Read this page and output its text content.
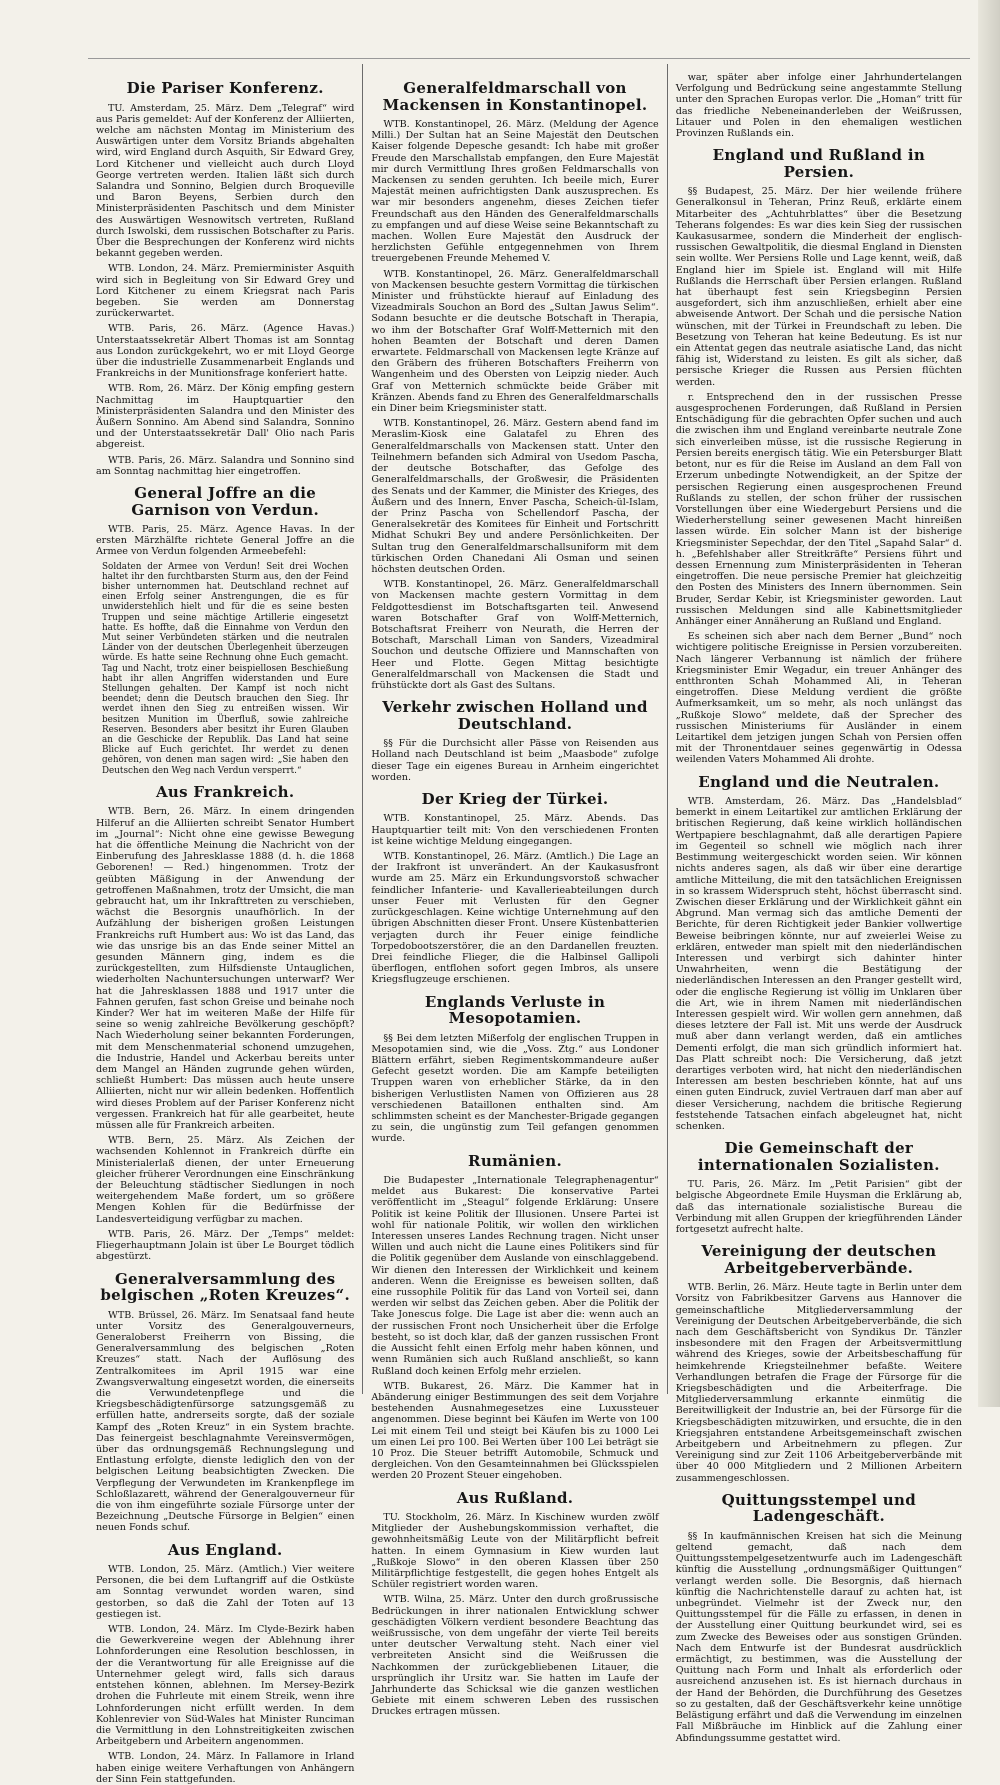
Die Pariser Konferenz.

TU. Amsterdam, 25. März. Dem „Telegraf“ wird aus Paris gemeldet: Auf der Konferenz der Alliierten, welche am nächsten Montag im Ministerium des Auswärtigen unter dem Vorsitz Briands abgehalten wird, wird England durch Asquith, Sir Edward Grey, Lord Kitchener und vielleicht auch durch Lloyd George vertreten werden. Italien läßt sich durch Salandra und Sonnino, Belgien durch Broqueville und Baron Beyens, Serbien durch den Ministerpräsidenten Paschitsch und dem Minister des Auswärtigen Wesnowitsch vertreten, Rußland durch Iswolski, dem russischen Botschafter zu Paris. Über die Besprechungen der Konferenz wird nichts bekannt gegeben werden.

WTB. London, 24. März. Premierminister Asquith wird sich in Begleitung von Sir Edward Grey und Lord Kitchener zu einem Kriegsrat nach Paris begeben. Sie werden am Donnerstag zurückerwartet.

WTB. Paris, 26. März. (Agence Havas.) Unterstaatssekretär Albert Thomas ist am Sonntag aus London zurückgekehrt, wo er mit Lloyd George über die industrielle Zusammenarbeit Englands und Frankreichs in der Munitionsfrage konferiert hatte.

WTB. Rom, 26. März. Der König empfing gestern Nachmittag im Hauptquartier den Ministerpräsidenten Salandra und den Minister des Äußern Sonnino. Am Abend sind Salandra, Sonnino und der Unterstaatssekretär Dall' Olio nach Paris abgereist.

WTB. Paris, 26. März. Salandra und Sonnino sind am Sonntag nachmittag hier eingetroffen.

General Joffre an die Garnison von Verdun.

WTB. Paris, 25. März. Agence Havas. In der ersten Märzhälfte richtete General Joffre an die Armee von Verdun folgenden Armeebefehl:

Soldaten der Armee von Verdun! Seit drei Wochen haltet ihr den furchtbarsten Sturm aus, den der Feind bisher unternommen hat. Deutschland rechnet auf einen Erfolg seiner Anstrengungen, die es für unwiderstehlich hielt und für die es seine besten Truppen und seine mächtige Artillerie eingesetzt hatte. Es hoffte, daß die Einnahme von Verdun den Mut seiner Verbündeten stärken und die neutralen Länder von der deutschen Überlegenheit überzeugen würde. Es hatte seine Rechnung ohne Euch gemacht. Tag und Nacht, trotz einer beispiellosen Beschießung habt ihr allen Angriffen widerstanden und Eure Stellungen gehalten. Der Kampf ist noch nicht beendet; denn die Deutsch brauchen den Sieg. Ihr werdet ihnen den Sieg zu entreißen wissen. Wir besitzen Munition im Überfluß, sowie zahlreiche Reserven. Besonders aber besitzt ihr Euren Glauben an die Geschicke der Republik. Das Land hat seine Blicke auf Euch gerichtet. Ihr werdet zu denen gehören, von denen man sagen wird: „Sie haben den Deutschen den Weg nach Verdun versperrt.“

Aus Frankreich.

WTB. Bern, 26. März. In einem dringenden Hilferuf an die Alliierten schreibt Senator Humbert im „Journal“: Nicht ohne eine gewisse Bewegung hat die öffentliche Meinung die Nachricht von der Einberufung des Jahresklasse 1888 (d. h. die 1868 Geborenen! — Red.) hingenommen. Trotz der geübten Mäßigung in der Anwendung der getroffenen Maßnahmen, trotz der Umsicht, die man gebraucht hat, um ihr Inkrafttreten zu verschieben, wächst die Besorgnis unaufhörlich. In der Aufzählung der bisherigen großen Leistungen Frankreichs ruft Humbert aus: Wo ist das Land, das wie das unsrige bis an das Ende seiner Mittel an gesunden Männern ging, indem es die zurückgestellten, zum Hilfsdienste Untauglichen, wiederholten Nachuntersuchungen unterwarf? Wer hat die Jahresklassen 1888 und 1917 unter die Fahnen gerufen, fast schon Greise und beinahe noch Kinder? Wer hat im weiteren Maße der Hilfe für seine so wenig zahlreiche Bevölkerung geschöpft? Nach Wiederholung seiner bekannten Forderungen, mit dem Menschenmaterial schonend umzugehen, die Industrie, Handel und Ackerbau bereits unter dem Mangel an Händen zugrunde gehen würden, schließt Humbert: Das müssen auch heute unsere Alliierten, nicht nur wir allein bedenken. Hoffentlich wird dieses Problem auf der Pariser Konferenz nicht vergessen. Frankreich hat für alle gearbeitet, heute müssen alle für Frankreich arbeiten.

WTB. Bern, 25. März. Als Zeichen der wachsenden Kohlennot in Frankreich dürfte ein Ministerialerlaß dienen, der unter Erneuerung gleicher früherer Verordnungen eine Einschränkung der Beleuchtung städtischer Siedlungen in noch weitergehendem Maße fordert, um so größere Mengen Kohlen für die Bedürfnisse der Landesverteidigung verfügbar zu machen.

WTB. Paris, 26. März. Der „Temps“ meldet: Fliegerhauptmann Jolain ist über Le Bourget tödlich abgestürzt.

Generalversammlung des belgischen „Roten Kreuzes“.

WTB. Brüssel, 26. März. Im Senatsaal fand heute unter Vorsitz des Generalgouverneurs, Generaloberst Freiherrn von Bissing, die Generalversammlung des belgischen „Roten Kreuzes“ statt. Nach der Auflösung des Zentralkomitees im April 1915 war eine Zwangsverwaltung eingesetzt worden, die einerseits die Verwundetenpflege und die Kriegsbeschädigtenfürsorge satzungsgemäß zu erfüllen hatte, andrerseits sorgte, daß der soziale Kampf des „Roten Kreuz“ in ein System brachte. Das feinergeist beschlagnahmte Vereinsvermögen, über das ordnungsgemäß Rechnungslegung und Entlastung erfolgte, dienste lediglich den von der belgischen Leitung beabsichtigten Zwecken. Die Verpflegung der Verwundeten im Krankenpflege im Schloßlazarett, während der Generalgouverneur für die von ihm eingeführte soziale Fürsorge unter der Bezeichnung „Deutsche Fürsorge in Belgien“ einen neuen Fonds schuf.

Aus England.

WTB. London, 25. März. (Amtlich.) Vier weitere Personen, die bei dem Luftangriff auf die Ostküste am Sonntag verwundet worden waren, sind gestorben, so daß die Zahl der Toten auf 13 gestiegen ist.

WTB. London, 24. März. Im Clyde-Bezirk haben die Gewerkvereine wegen der Ablehnung ihrer Lohnforderungen eine Resolution beschlossen, in der die Verantwortung für alle Ereignisse auf die Unternehmer gelegt wird, falls sich daraus entstehen können, ablehnen. Im Mersey-Bezirk drohen die Fuhrleute mit einem Streik, wenn ihre Lohnforderungen nicht erfüllt werden. In dem Kohlenrevier von Süd-Wales hat Minister Runciman die Vermittlung in den Lohnstreitigkeiten zwischen Arbeitgebern und Arbeitern angenommen.

WTB. London, 24. März. In Fallamore in Irland haben einige weitere Verhaftungen von Anhängern der Sinn Fein stattgefunden.

Generalfeldmarschall von Mackensen in Konstantinopel.

WTB. Konstantinopel, 26. März. (Meldung der Agence Milli.) Der Sultan hat an Seine Majestät den Deutschen Kaiser folgende Depesche gesandt: Ich habe mit großer Freude den Marschallstab empfangen, den Eure Majestät mir durch Vermittlung Ihres großen Feldmarschalls von Mackensen zu senden geruhten. Ich beeile mich, Eurer Majestät meinen aufrichtigsten Dank auszusprechen. Es war mir besonders angenehm, dieses Zeichen tiefer Freundschaft aus den Händen des Generalfeldmarschalls zu empfangen und auf diese Weise seine Bekanntschaft zu machen. Wollen Eure Majestät den Ausdruck der herzlichsten Gefühle entgegennehmen von Ihrem treuergebenen Freunde Mehemed V.

WTB. Konstantinopel, 26. März. Generalfeldmarschall von Mackensen besuchte gestern Vormittag die türkischen Minister und frühstückte hierauf auf Einladung des Vizeadmirals Souchon an Bord des „Sultan Jawus Selim“. Sodann besuchte er die deutsche Botschaft in Therapia, wo ihm der Botschafter Graf Wolff-Metternich mit den hohen Beamten der Botschaft und deren Damen erwartete. Feldmarschall von Mackensen legte Kränze auf den Gräbern des früheren Botschafters Freiherrn von Wangenheim und des Obersten von Leipzig nieder. Auch Graf von Metternich schmückte beide Gräber mit Kränzen. Abends fand zu Ehren des Generalfeldmarschalls ein Diner beim Kriegsminister statt.

WTB. Konstantinopel, 26. März. Gestern abend fand im Meraslim-Kiosk eine Galatafel zu Ehren des Generalfeldmarschalls von Mackensen statt. Unter den Teilnehmern befanden sich Admiral von Usedom Pascha, der deutsche Botschafter, das Gefolge des Generalfeldmarschalls, der Großwesir, die Präsidenten des Senats und der Kammer, die Minister des Krieges, des Äußern und des Innern, Enver Pascha, Scheich-ül-Islam, der Prinz Pascha von Schellendorf Pascha, der Generalsekretär des Komitees für Einheit und Fortschritt Midhat Schukri Bey und andere Persönlichkeiten. Der Sultan trug den Generalfeldmarschallsuniform mit dem türkischen Orden Chanedani Ali Osman und seinen höchsten deutschen Orden.

WTB. Konstantinopel, 26. März. Generalfeldmarschall von Mackensen machte gestern Vormittag in dem Feldgottesdienst im Botschaftsgarten teil. Anwesend waren Botschafter Graf von Wolff-Metternich, Botschaftsrat Freiherr von Neurath, die Herren der Botschaft, Marschall Liman von Sanders, Vizeadmiral Souchon und deutsche Offiziere und Mannschaften von Heer und Flotte. Gegen Mittag besichtigte Generalfeldmarschall von Mackensen die Stadt und frühstückte dort als Gast des Sultans.

Verkehr zwischen Holland und Deutschland.

§§ Für die Durchsicht aller Pässe von Reisenden aus Holland nach Deutschland ist beim „Maasbode“ zufolge dieser Tage ein eigenes Bureau in Arnheim eingerichtet worden.

Der Krieg der Türkei.

WTB. Konstantinopel, 25. März. Abends. Das Hauptquartier teilt mit: Von den verschiedenen Fronten ist keine wichtige Meldung eingegangen.

WTB. Konstantinopel, 26. März. (Amtlich.) Die Lage an der Irakfront ist unverändert. An der Kaukasusfront wurde am 25. März ein Erkundungsvorstoß schwacher feindlicher Infanterie- und Kavallerieabteilungen durch unser Feuer mit Verlusten für den Gegner zurückgeschlagen. Keine wichtige Unternehmung auf den übrigen Abschnitten dieser Front. Unsere Küstenbatterien verjagten durch ihr Feuer einige feindliche Torpedobootszerstörer, die an den Dardanellen freuzten. Drei feindliche Flieger, die die Halbinsel Gallipoli überflogen, entflohen sofort gegen Imbros, als unsere Kriegsflugzeuge erschienen.

Englands Verluste in Mesopotamien.

§§ Bei dem letzten Mißerfolg der englischen Truppen in Mesopotamien sind, wie die „Voss. Ztg.“ aus Londoner Blättern erfährt, sieben Regimentskommandeure außer Gefecht gesetzt worden. Die am Kampfe beteiligten Truppen waren von erheblicher Stärke, da in den bisherigen Verlustlisten Namen von Offizieren aus 28 verschiedenen Bataillonen enthalten sind. Am schlimmsten scheint es der Manchester-Brigade gegangen zu sein, die ungünstig zum Teil gefangen genommen wurde.

Rumänien.

Die Budapester „Internationale Telegraphenagentur“ meldet aus Bukarest: Die konservative Partei veröffentlicht im „Steagul“ folgende Erklärung: Unsere Politik ist keine Politik der Illusionen. Unsere Partei ist wohl für nationale Politik, wir wollen den wirklichen Interessen unseres Landes Rechnung tragen. Nicht unser Willen und auch nicht die Laune eines Politikers sind für die Politik gegenüber dem Auslande von einschlaggebend. Wir dienen den Interessen der Wirklichkeit und keinem anderen. Wenn die Ereignisse es beweisen sollten, daß eine russophile Politik für das Land von Vorteil sei, dann werden wir selbst das Zeichen geben. Aber die Politik der Take Jonescus folge. Die Lage ist aber die: wenn auch an der russischen Front noch Unsicherheit über die Erfolge besteht, so ist doch klar, daß der ganzen russischen Front die Aussicht fehlt einen Erfolg mehr haben können, und wenn Rumänien sich auch Rußland anschließt, so kann Rußland doch keinen Erfolg mehr erzielen.

WTB. Bukarest, 26. März. Die Kammer hat in Abänderung einiger Bestimmungen des seit dem Vorjahre bestehenden Ausnahmegesetzes eine Luxussteuer angenommen. Diese beginnt bei Käufen im Werte von 100 Lei mit einem Teil und steigt bei Käufen bis zu 1000 Lei um einen Lei pro 100. Bei Werten über 100 Lei beträgt sie 10 Proz. Die Steuer betrifft Automobile, Schmuck und dergleichen. Von den Gesamteinnahmen bei Glücksspielen werden 20 Prozent Steuer eingehoben.

Aus Rußland.

TU. Stockholm, 26. März. In Kischinew wurden zwölf Mitglieder der Aushebungskommission verhaftet, die gewohnheitsmäßig Leute von der Militärpflicht befreit hatten. In einem Gymnasium in Kiew wurden laut „Rußkoje Slowo“ in den oberen Klassen über 250 Militärpflichtige festgestellt, die gegen hohes Entgelt als Schüler registriert worden waren.

WTB. Wilna, 25. März. Unter den durch großrussische Bedrückungen in ihrer nationalen Entwicklung schwer geschädigten Völkern verdient besondere Beachtung das weißrussische, von dem ungefähr der vierte Teil bereits unter deutscher Verwaltung steht. Nach einer viel verbreiteten Ansicht sind die Weißrussen die Nachkommen der zurückgebliebenen Litauer, die ursprünglich ihr Ursitz war. Sie hatten im Laufe der Jahrhunderte das Schicksal wie die ganzen westlichen Gebiete mit einem schweren Leben des russischen Druckes ertragen müssen.

war, später aber infolge einer Jahrhundertelangen Verfolgung und Bedrückung seine angestammte Stellung unter den Sprachen Europas verlor. Die „Homan“ tritt für das friedliche Nebeneinanderleben der Weißrussen, Litauer und Polen in den ehemaligen westlichen Provinzen Rußlands ein.

England und Rußland in Persien.

§§ Budapest, 25. März. Der hier weilende frühere Generalkonsul in Teheran, Prinz Reuß, erklärte einem Mitarbeiter des „Achtuhrblattes“ über die Besetzung Teherans folgendes: Es war dies kein Sieg der russischen Kaukasusarmee, sondern die Minderheit der englisch-russischen Gewaltpolitik, die diesmal England in Diensten sein wollte. Wer Persiens Rolle und Lage kennt, weiß, daß England hier im Spiele ist. England will mit Hilfe Rußlands die Herrschaft über Persien erlangen. Rußland hat überhaupt fest sein Kriegsbeginn Persien ausgefordert, sich ihm anzuschließen, erhielt aber eine abweisende Antwort. Der Schah und die persische Nation wünschen, mit der Türkei in Freundschaft zu leben. Die Besetzung von Teheran hat keine Bedeutung. Es ist nur ein Attentat gegen das neutrale asiatische Land, das nicht fähig ist, Widerstand zu leisten. Es gilt als sicher, daß persische Krieger die Russen aus Persien flüchten werden.

r. Entsprechend den in der russischen Presse ausgesprochenen Forderungen, daß Rußland in Persien Entschädigung für die gebrachten Opfer suchen und auch die zwischen ihm und England vereinbarte neutrale Zone sich einverleiben müsse, ist die russische Regierung in Persien bereits energisch tätig. Wie ein Petersburger Blatt betont, nur es für die Reise im Ausland an dem Fall von Erzerum unbedingte Notwendigkeit, an der Spitze der persischen Regierung einen ausgesprochenen Freund Rußlands zu stellen, der schon früher der russischen Vorstellungen über eine Wiedergeburt Persiens und die Wiederherstellung seiner gewesenen Macht hinreißen lassen würde. Ein solcher Mann ist der bisherige Kriegsminister Sepechdar, der den Titel „Sapahd Salar“ d. h. „Befehlshaber aller Streitkräfte“ Persiens führt und dessen Ernennung zum Ministerpräsidenten in Teheran eingetroffen. Die neue persische Premier hat gleichzeitig den Posten des Ministers des Innern übernommen. Sein Bruder, Serdar Kebir, ist Kriegsminister geworden. Laut russischen Meldungen sind alle Kabinettsmitglieder Anhänger einer Annäherung an Rußland und England.

Es scheinen sich aber nach dem Berner „Bund“ noch wichtigere politische Ereignisse in Persien vorzubereiten. Nach längerer Verbannung ist nämlich der frühere Kriegsminister Emir Wegadur, ein treuer Anhänger des entthronten Schah Mohammed Ali, in Teheran eingetroffen. Diese Meldung verdient die größte Aufmerksamkeit, um so mehr, als noch unlängst das „Rußkoje Slowo“ meldete, daß der Sprecher des russischen Ministeriums für Ausländer in einem Leitartikel dem jetzigen jungen Schah von Persien offen mit der Thronentdauer seines gegenwärtig in Odessa weilenden Vaters Mohammed Ali drohte.

England und die Neutralen.

WTB. Amsterdam, 26. März. Das „Handelsblad“ bemerkt in einem Leitartikel zur amtlichen Erklärung der britischen Regierung, daß keine wirklich holländischen Wertpapiere beschlagnahmt, daß alle derartigen Papiere im Gegenteil so schnell wie möglich nach ihrer Bestimmung weitergeschickt worden seien. Wir können nichts anderes sagen, als daß wir über eine derartige amtliche Mitteilung, die mit den tatsächlichen Ereignissen in so krassem Widerspruch steht, höchst überrascht sind. Zwischen dieser Erklärung und der Wirklichkeit gähnt ein Abgrund. Man vermag sich das amtliche Dementi der Berichte, für deren Richtigkeit jeder Bankier vollwertige Beweise beibringen könnte, nur auf zweierlei Weise zu erklären, entweder man spielt mit den niederländischen Interessen und verbirgt sich dahinter hinter Unwahrheiten, wenn die Bestätigung der niederländischen Interessen an den Pranger gestellt wird, oder die englische Regierung ist völlig im Unklaren über die Art, wie in ihrem Namen mit niederländischen Interessen gespielt wird. Wir wollen gern annehmen, daß dieses letztere der Fall ist. Mit uns werde der Ausdruck muß aber dann verlangt werden, daß ein amtliches Dementi erfolgt, die man sich gründlich informiert hat. Das Platt schreibt noch: Die Versicherung, daß jetzt derartiges verboten wird, hat nicht den niederländischen Interessen am besten beschrieben könnte, hat auf uns einen guten Eindruck, zuviel Vertrauen darf man aber auf dieser Versicherung, nachdem die britische Regierung feststehende Tatsachen einfach abgeleugnet hat, nicht schenken.

Die Gemeinschaft der internationalen Sozialisten.

TU. Paris, 26. März. Im „Petit Parisien“ gibt der belgische Abgeordnete Emile Huysman die Erklärung ab, daß das internationale sozialistische Bureau die Verbindung mit allen Gruppen der kriegführenden Länder fortgesetzt aufrecht halte.

Vereinigung der deutschen Arbeitgeberverbände.

WTB. Berlin, 26. März. Heute tagte in Berlin unter dem Vorsitz von Fabrikbesitzer Garvens aus Hannover die gemeinschaftliche Mitgliederversammlung der Vereinigung der Deutschen Arbeitgeberverbände, die sich nach dem Geschäftsbericht von Syndikus Dr. Tänzler insbesondere mit den Fragen der Arbeitsvermittlung während des Krieges, sowie der Arbeitsbeschaffung für heimkehrende Kriegsteilnehmer befaßte. Weitere Verhandlungen betrafen die Frage der Fürsorge für die Kriegsbeschädigten und die Arbeiterfrage. Die Mitgliederversammlung erkannte einmütig die Bereitwilligkeit der Industrie an, bei der Fürsorge für die Kriegsbeschädigten mitzuwirken, und ersuchte, die in den Kriegsjahren entstandene Arbeitsgemeinschaft zwischen Arbeitgebern und Arbeitnehmern zu pflegen. Zur Vereinigung sind zur Zeit 1106 Arbeitgeberverbände mit über 40 000 Mitgliedern und 2 Millionen Arbeitern zusammengeschlossen.

Quittungsstempel und Ladengeschäft.

§§ In kaufmännischen Kreisen hat sich die Meinung geltend gemacht, daß nach dem Quittungsstempelgesetzentwurfe auch im Ladengeschäft künftig die Ausstellung „ordnungsmäßiger Quittungen“ verlangt werden solle. Die Besorgnis, daß hiernach künftig die Nachrichtenstelle darauf zu achten hat, ist unbegründet. Vielmehr ist der Zweck nur, den Quittungsstempel für die Fälle zu erfassen, in denen in der Ausstellung einer Quittung beurkundet wird, sei es zum Zwecke des Beweises oder aus sonstigen Gründen. Nach dem Entwurfe ist der Bundesrat ausdrücklich ermächtigt, zu bestimmen, was die Ausstellung der Quittung nach Form und Inhalt als erforderlich oder ausreichend anzusehen ist. Es ist hiernach durchaus in der Hand der Behörden, die Durchführung des Gesetzes so zu gestalten, daß der Geschäftsverkehr keine unnötige Belästigung erfährt und daß die Verwendung im einzelnen Fall Mißbräuche im Hinblick auf die Zahlung einer Abfindungssumme gestattet wird.
